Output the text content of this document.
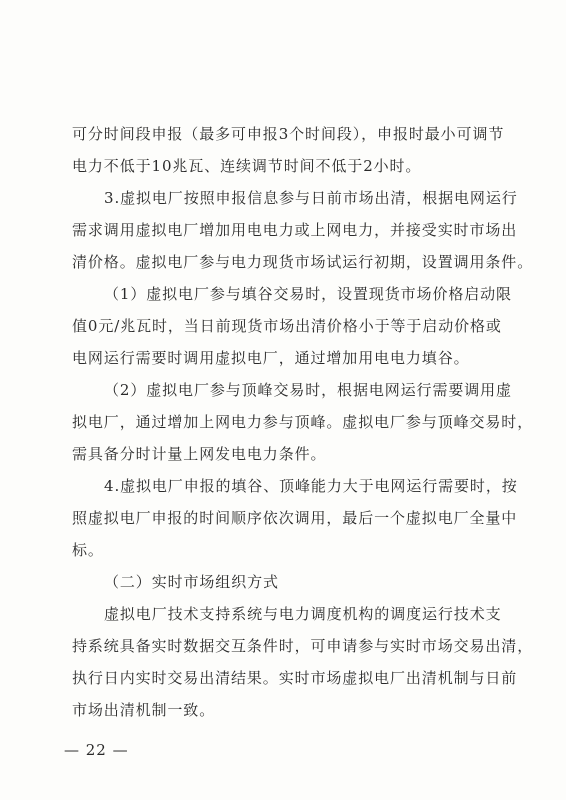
可分时间段申报（最多可申报3个时间段），申报时最小可调节
电力不低于10兆瓦、连续调节时间不低于2小时。
3.虚拟电厂按照申报信息参与日前市场出清，根据电网运行
需求调用虚拟电厂增加用电电力或上网电力，并接受实时市场出
清价格。虚拟电厂参与电力现货市场试运行初期，设置调用条件。
（1）虚拟电厂参与填谷交易时，设置现货市场价格启动限
值0元/兆瓦时，当日前现货市场出清价格小于等于启动价格或
电网运行需要时调用虚拟电厂，通过增加用电电力填谷。
（2）虚拟电厂参与顶峰交易时，根据电网运行需要调用虚
拟电厂，通过增加上网电力参与顶峰。虚拟电厂参与顶峰交易时，
需具备分时计量上网发电电力条件。
4.虚拟电厂申报的填谷、顶峰能力大于电网运行需要时，按
照虚拟电厂申报的时间顺序依次调用，最后一个虚拟电厂全量中
标。
（二）实时市场组织方式
虚拟电厂技术支持系统与电力调度机构的调度运行技术支
持系统具备实时数据交互条件时，可申请参与实时市场交易出清，
执行日内实时交易出清结果。实时市场虚拟电厂出清机制与日前
市场出清机制一致。
— 22 —
